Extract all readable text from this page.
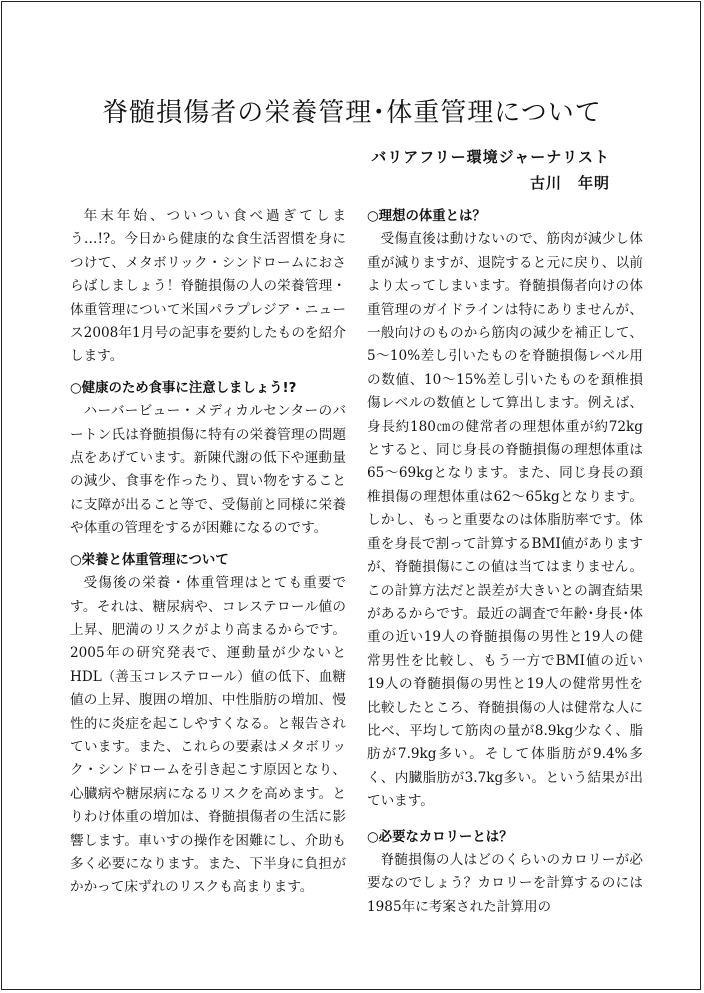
脊髄損傷者の栄養管理･体重管理について
バリアフリー環境ジャーナリスト
古川　年明

年末年始、ついつい食べ過ぎてしまう…!?。今日から健康的な食生活習慣を身につけて、メタボリック・シンドロームにおさらばしましょう！脊髄損傷の人の栄養管理・体重管理について米国パラプレジア・ニュース2008年1月号の記事を要約したものを紹介します。

○健康のため食事に注意しましょう!?

ハーバービュー・メディカルセンターのバートン氏は脊髄損傷に特有の栄養管理の問題点をあげています。新陳代謝の低下や運動量の減少、食事を作ったり、買い物をすることに支障が出ること等で、受傷前と同様に栄養や体重の管理をするが困難になるのです。

○栄養と体重管理について

受傷後の栄養・体重管理はとても重要です。それは、糖尿病や、コレステロール値の上昇、肥満のリスクがより高まるからです。2005年の研究発表で、運動量が少ないとHDL（善玉コレステロール）値の低下、血糖値の上昇、腹囲の増加、中性脂肪の増加、慢性的に炎症を起こしやすくなる。と報告されています。また、これらの要素はメタボリック・シンドロームを引き起こす原因となり、心臓病や糖尿病になるリスクを高めます。とりわけ体重の増加は、脊髄損傷者の生活に影響します。車いすの操作を困難にし、介助も多く必要になります。また、下半身に負担がかかって床ずれのリスクも高まります。

○理想の体重とは？

受傷直後は動けないので、筋肉が減少し体重が減りますが、退院すると元に戻り、以前より太ってしまいます。脊髄損傷者向けの体重管理のガイドラインは特にありませんが、一般向けのものから筋肉の減少を補正して、5～10%差し引いたものを脊髄損傷レベル用の数値、10～15%差し引いたものを頚椎損傷レベルの数値として算出します。例えば、身長約180㎝の健常者の理想体重が約72kgとすると、同じ身長の脊髄損傷の理想体重は65～69kgとなります。また、同じ身長の頚椎損傷の理想体重は62～65kgとなります。しかし、もっと重要なのは体脂肪率です。体重を身長で割って計算するBMI値がありますが、脊髄損傷にこの値は当てはまりません。この計算方法だと誤差が大きいとの調査結果があるからです。最近の調査で年齢･身長･体重の近い19人の脊髄損傷の男性と19人の健常男性を比較し、もう一方でBMI値の近い19人の脊髄損傷の男性と19人の健常男性を比較したところ、脊髄損傷の人は健常な人に比べ、平均して筋肉の量が8.9kg少なく、脂肪が7.9kg多い。そして体脂肪が9.4%多く、内臓脂肪が3.7kg多い。という結果が出ています。

○必要なカロリーとは？

脊髄損傷の人はどのくらいのカロリーが必要なのでしょう？カロリーを計算するのには1985年に考案された計算用の
